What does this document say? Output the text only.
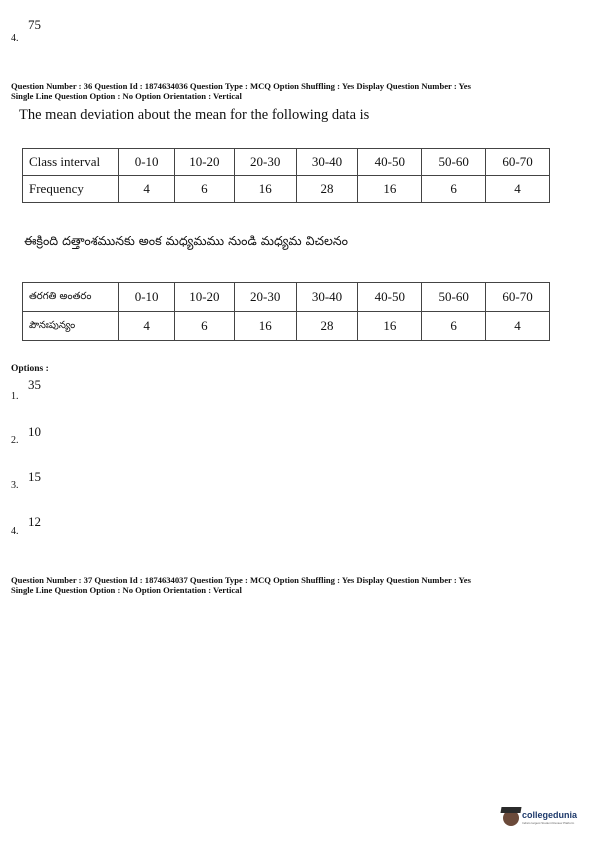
75
4.
Question Number : 36 Question Id : 1874634036 Question Type : MCQ Option Shuffling : Yes Display Question Number : Yes
Single Line Question Option : No Option Orientation : Vertical
The mean deviation about the mean for the following data is
Class interval	0-10	10-20	20-30	30-40	40-50	50-60	60-70
Frequency	4	6	16	28	16	6	4
ఈక్రింది దత్తాంశమునకు అంక మధ్యమము నుండి మధ్యమ విచలనం
తరగతి అంతరం	0-10	10-20	20-30	30-40	40-50	50-60	60-70
పౌనఃపున్యం	4	6	16	28	16	6	4
Options :
35
1.
10
2.
15
3.
12
4.
Question Number : 37 Question Id : 1874634037 Question Type : MCQ Option Shuffling : Yes Display Question Number : Yes
Single Line Question Option : No Option Orientation : Vertical
collegedunia
India's largest Student Review Platform
